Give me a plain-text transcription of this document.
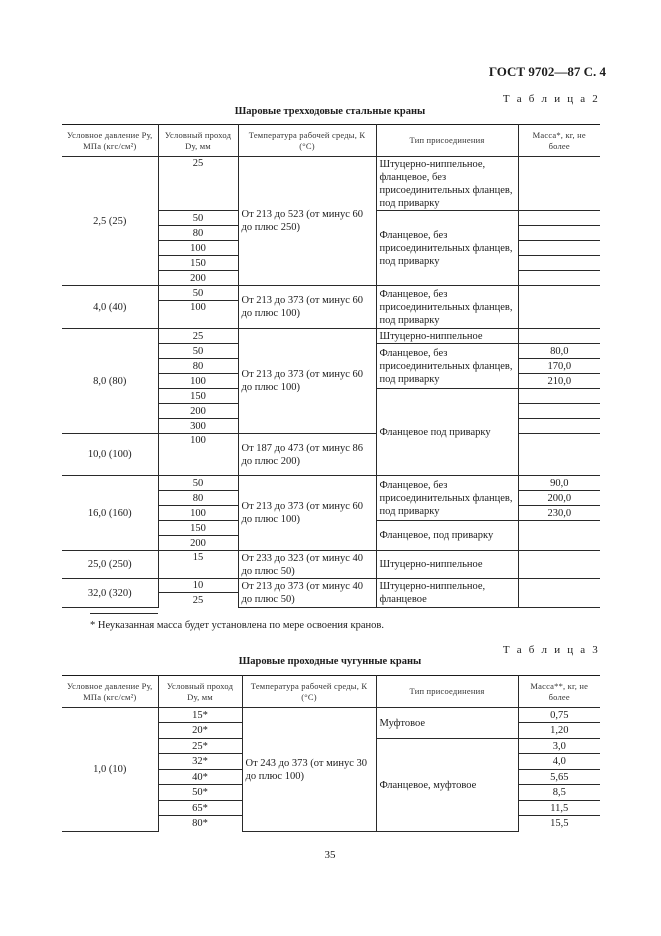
ГОСТ 9702—87 С. 4
Т а б л и ц а 2
Шаровые трехходовые стальные краны
Условное давление Pу, МПа (кгс/см²)	Условный проход Dу, мм	Температура рабочей среды, К (°С)	Тип присоединения	Масса*, кг, не более
2,5 (25)	25	От 213 до 523 (от минус 60 до плюс 250)	Штуцерно-ниппельное, фланцевое, без присоединительных фланцев, под приварку	
	50		Фланцевое, без присоединительных фланцев, под приварку	
	80			
	100			
	150			
	200			
4,0 (40)	50	От 213 до 373 (от минус 60 до плюс 100)	Фланцевое, без присоединительных фланцев, под приварку	
	100			
8,0 (80)	25	От 213 до 373 (от минус 60 до плюс 100)	Штуцерно-ниппельное	
	50		Фланцевое, без присоединительных фланцев, под приварку	80,0
	80			170,0
	100			210,0
	150		Фланцевое под приварку	
	200			
	300			
10,0 (100)	100	От 187 до 473 (от минус 86 до плюс 200)		
16,0 (160)	50	От 213 до 373 (от минус 60 до плюс 100)	Фланцевое, без присоединительных фланцев, под приварку	90,0
	80			200,0
	100			230,0
	150		Фланцевое, под приварку	
	200			
25,0 (250)	15	От 233 до 323 (от минус 40 до плюс 50)	Штуцерно-ниппельное	
32,0 (320)	10	От 213 до 373 (от минус 40 до плюс 50)	Штуцерно-ниппельное, фланцевое	
	25			
* Неуказанная масса будет установлена по мере освоения кранов.
Т а б л и ц а 3
Шаровые проходные чугунные краны
Условное давление Pу, МПа (кгс/см²)	Условный проход Dу, мм	Температура рабочей среды, К (°С)	Тип присоединения	Масса**, кг, не более
1,0 (10)	15*	От 243 до 373 (от минус 30 до плюс 100)	Муфтовое	0,75
	20*			1,20
	25*		Фланцевое, муфтовое	3,0
	32*			4,0
	40*			5,65
	50*			8,5
	65*			11,5
	80*			15,5
35
